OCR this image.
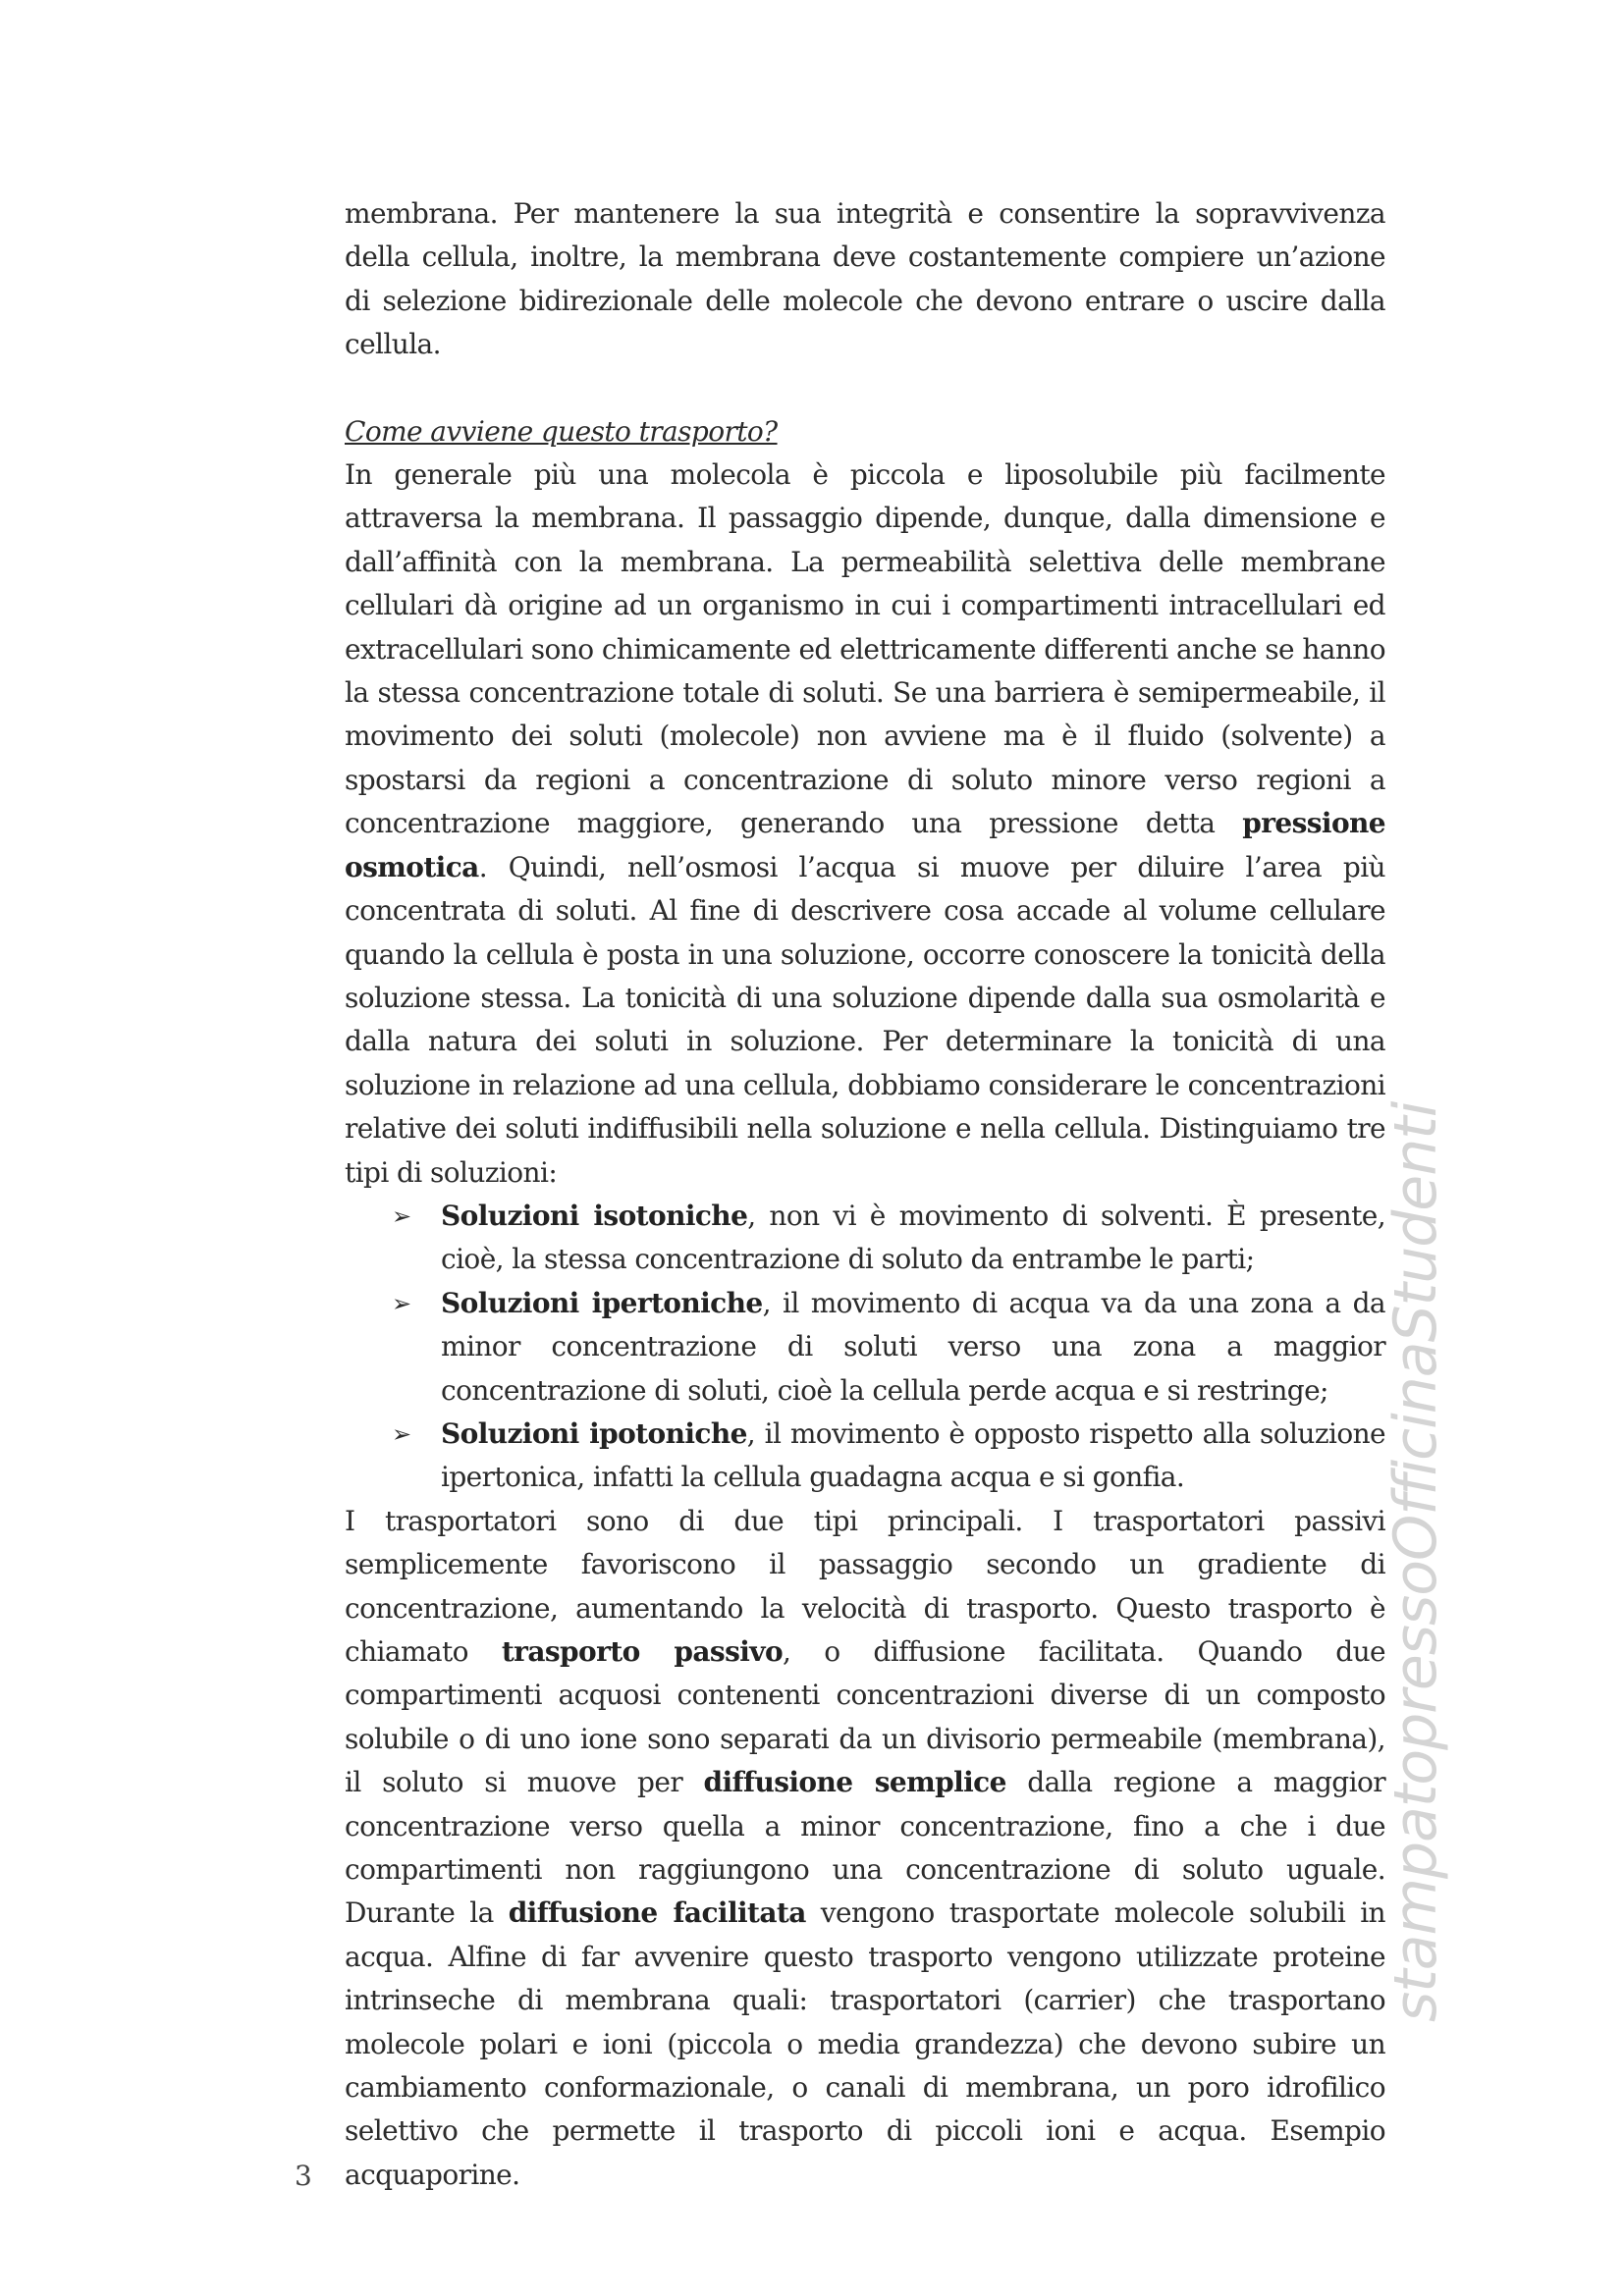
membrana. Per mantenere la sua integrità e consentire la sopravvivenza della cellula, inoltre, la membrana deve costantemente compiere un’azione di selezione bidirezionale delle molecole che devono entrare o uscire dalla cellula.

Come avviene questo trasporto?

In generale più una molecola è piccola e liposolubile più facilmente attraversa la membrana. Il passaggio dipende, dunque, dalla dimensione e dall’affinità con la membrana. La permeabilità selettiva delle membrane cellulari dà origine ad un organismo in cui i compartimenti intracellulari ed extracellulari sono chimicamente ed elettricamente differenti anche se hanno la stessa concentrazione totale di soluti. Se una barriera è semipermeabile, il movimento dei soluti (molecole) non avviene ma è il fluido (solvente) a spostarsi da regioni a concentrazione di soluto minore verso regioni a concentrazione maggiore, generando una pressione detta pressione osmotica. Quindi, nell’osmosi l’acqua si muove per diluire l’area più concentrata di soluti. Al fine di descrivere cosa accade al volume cellulare quando la cellula è posta in una soluzione, occorre conoscere la tonicità della soluzione stessa. La tonicità di una soluzione dipende dalla sua osmolarità e dalla natura dei soluti in soluzione. Per determinare la tonicità di una soluzione in relazione ad una cellula, dobbiamo considerare le concentrazioni relative dei soluti indiffusibili nella soluzione e nella cellula. Distinguiamo tre tipi di soluzioni:

➢ Soluzioni isotoniche, non vi è movimento di solventi. È presente, cioè, la stessa concentrazione di soluto da entrambe le parti;
➢ Soluzioni ipertoniche, il movimento di acqua va da una zona a da minor concentrazione di soluti verso una zona a maggior concentrazione di soluti, cioè la cellula perde acqua e si restringe;
➢ Soluzioni ipotoniche, il movimento è opposto rispetto alla soluzione ipertonica, infatti la cellula guadagna acqua e si gonfia.

I trasportatori sono di due tipi principali. I trasportatori passivi semplicemente favoriscono il passaggio secondo un gradiente di concentrazione, aumentando la velocità di trasporto. Questo trasporto è chiamato trasporto passivo, o diffusione facilitata. Quando due compartimenti acquosi contenenti concentrazioni diverse di un composto solubile o di uno ione sono separati da un divisorio permeabile (membrana), il soluto si muove per diffusione semplice dalla regione a maggior concentrazione verso quella a minor concentrazione, fino a che i due compartimenti non raggiungono una concentrazione di soluto uguale. Durante la diffusione facilitata vengono trasportate molecole solubili in acqua. Alfine di far avvenire questo trasporto vengono utilizzate proteine intrinseche di membrana quali: trasportatori (carrier) che trasportano molecole polari e ioni (piccola o media grandezza) che devono subire un cambiamento conformazionale, o canali di membrana, un poro idrofilico selettivo che permette il trasporto di piccoli ioni e acqua. Esempio acquaporine.

3
stampatopressoOfficinaStudenti
